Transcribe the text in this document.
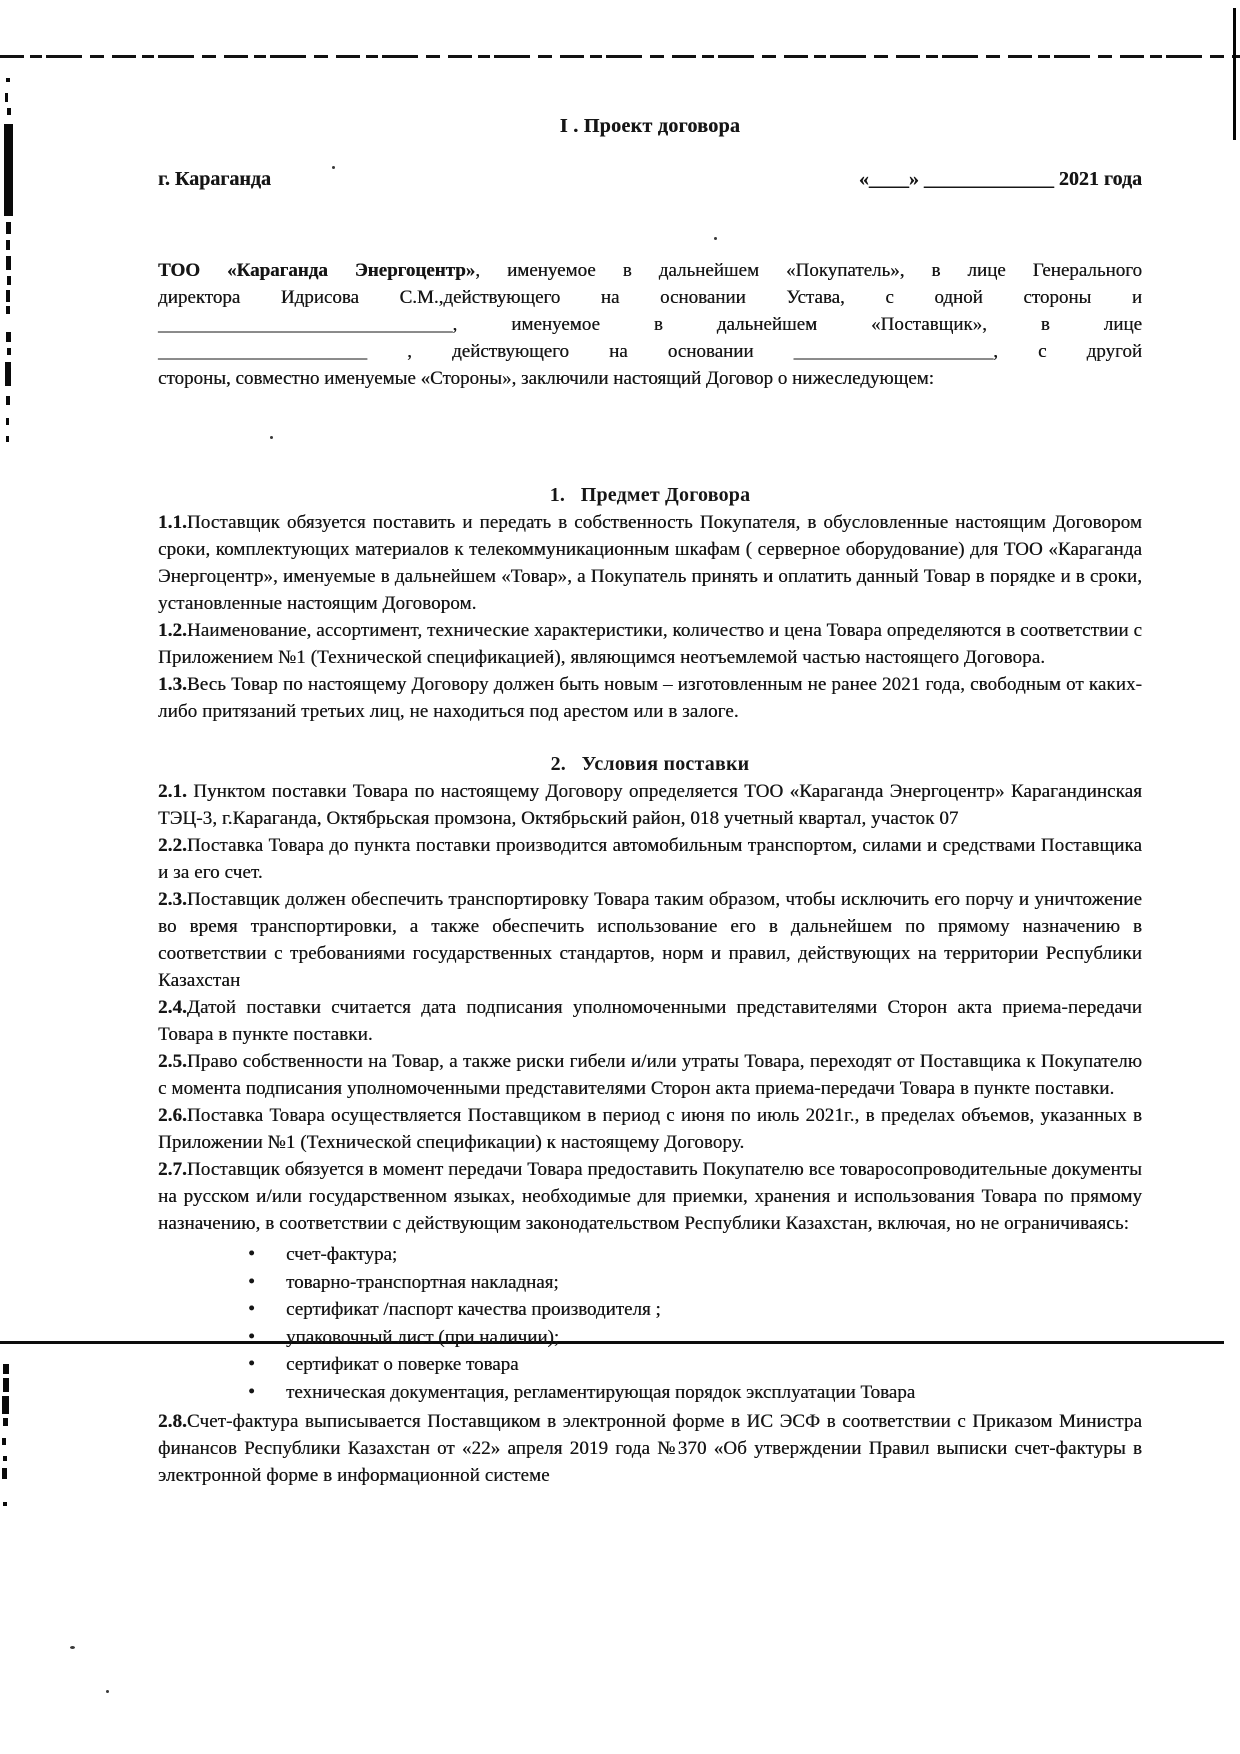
I . Проект договора
г. Караганда	«____» _____________ 2021 года
ТОО «Караганда Энергоцентр», именуемое в дальнейшем «Покупатель», в лице Генерального
директора Идрисова С.М.,действующего на основании Устава, с одной стороны и
_______________________________, именуемое в дальнейшем «Поставщик», в лице
______________________ , действующего на основании _____________________, с другой
стороны, совместно именуемые «Стороны», заключили настоящий Договор о нижеследующем:
1. Предмет Договора

1.1.Поставщик обязуется поставить и передать в собственность Покупателя, в обусловленные настоящим Договором сроки, комплектующих материалов к телекоммуникационным шкафам ( серверное оборудование) для ТОО «Караганда Энергоцентр», именуемые в дальнейшем «Товар», а Покупатель принять и оплатить данный Товар в порядке и в сроки, установленные настоящим Договором.

1.2.Наименование, ассортимент, технические характеристики, количество и цена Товара определяются в соответствии с Приложением №1 (Технической спецификацией), являющимся неотъемлемой частью настоящего Договора.

1.3.Весь Товар по настоящему Договору должен быть новым – изготовленным не ранее 2021 года, свободным от каких-либо притязаний третьих лиц, не находиться под арестом или в залоге.

2. Условия поставки

2.1. Пунктом поставки Товара по настоящему Договору определяется ТОО «Караганда Энергоцентр» Карагандинская ТЭЦ-3, г.Караганда, Октябрьская промзона, Октябрьский район, 018 учетный квартал, участок 07

2.2.Поставка Товара до пункта поставки производится автомобильным транспортом, силами и средствами Поставщика и за его счет.

2.3.Поставщик должен обеспечить транспортировку Товара таким образом, чтобы исключить его порчу и уничтожение во время транспортировки, а также обеспечить использование его в дальнейшем по прямому назначению в соответствии с требованиями государственных стандартов, норм и правил, действующих на территории Республики Казахстан

2.4.Датой поставки считается дата подписания уполномоченными представителями Сторон акта приема-передачи Товара в пункте поставки.

2.5.Право собственности на Товар, а также риски гибели и/или утраты Товара, переходят от Поставщика к Покупателю с момента подписания уполномоченными представителями Сторон акта приема-передачи Товара в пункте поставки.

2.6.Поставка Товара осуществляется Поставщиком в период с июня по июль 2021г., в пределах объемов, указанных в Приложении №1 (Технической спецификации) к настоящему Договору.

2.7.Поставщик обязуется в момент передачи Товара предоставить Покупателю все товаросопроводительные документы на русском и/или государственном языках, необходимые для приемки, хранения и использования Товара по прямому назначению, в соответствии с действующим законодательством Республики Казахстан, включая, но не ограничиваясь:

• счет-фактура;
• товарно-транспортная накладная;
• сертификат /паспорт качества производителя ;
• упаковочный лист (при наличии);
• сертификат о поверке товара
• техническая документация, регламентирующая порядок эксплуатации Товара

2.8.Счет-фактура выписывается Поставщиком в электронной форме в ИС ЭСФ в соответствии с Приказом Министра финансов Республики Казахстан от «22» апреля 2019 года №370 «Об утверждении Правил выписки счет-фактуры в электронной форме в информационной системе
